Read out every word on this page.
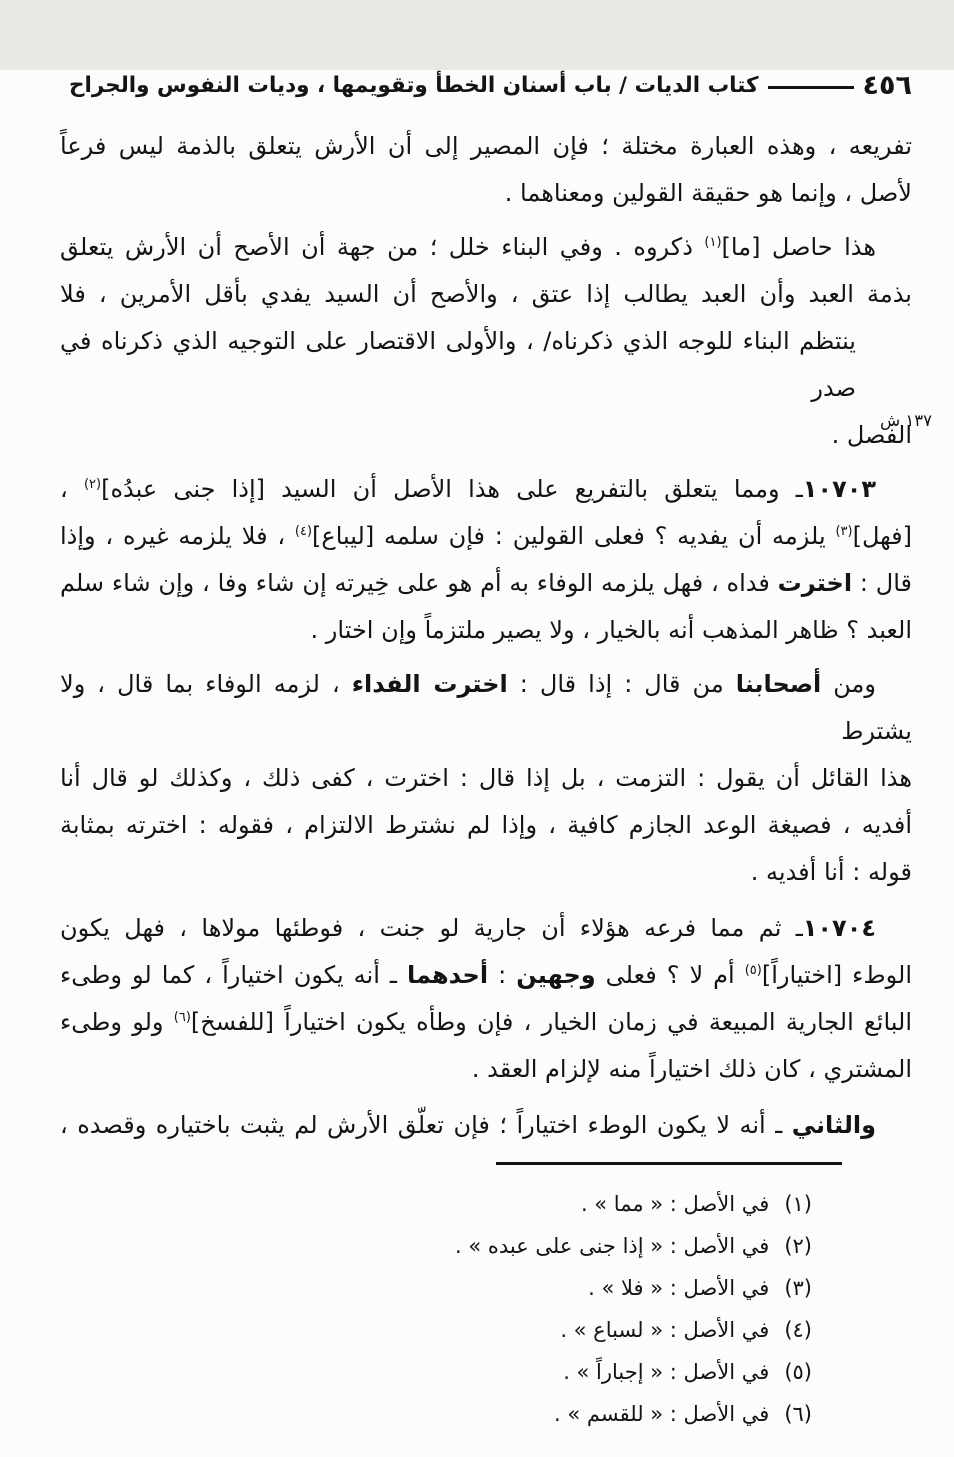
٤٥٦
كتاب الديات / باب أسنان الخطأ وتقويمها ، وديات النفوس والجراح
ش ١٣٧
تفريعه ، وهذه العبارة مختلة ؛ فإن المصير إلى أن الأرش يتعلق بالذمة ليس فرعاً
لأصل ، وإنما هو حقيقة القولين ومعناهما .
هذا حاصل [ما]$^{(١)}$ ذكروه . وفي البناء خلل ؛ من جهة أن الأصح أن الأرش يتعلق
بذمة العبد وأن العبد يطالب إذا عتق ، والأصح أن السيد يفدي بأقل الأمرين ، فلا
ينتظم البناء للوجه الذي ذكرناه/ ، والأولى الاقتصار على التوجيه الذي ذكرناه في صدر
الفصل .
١٠٧٠٣ـ ومما يتعلق بالتفريع على هذا الأصل أن السيد [إذا جنى عبدُه]$^{(٢)}$ ،
[فهل]$^{(٣)}$ يلزمه أن يفديه ؟ فعلى القولين : فإن سلمه [ليباع]$^{(٤)}$ ، فلا يلزمه غيره ، وإذا
قال : اخترت فداه ، فهل يلزمه الوفاء به أم هو على خِيرته إن شاء وفا ، وإن شاء سلم
العبد ؟ ظاهر المذهب أنه بالخيار ، ولا يصير ملتزماً وإن اختار .
ومن أصحابنا من قال : إذا قال : اخترت الفداء ، لزمه الوفاء بما قال ، ولا يشترط
هذا القائل أن يقول : التزمت ، بل إذا قال : اخترت ، كفى ذلك ، وكذلك لو قال أنا
أفديه ، فصيغة الوعد الجازم كافية ، وإذا لم نشترط الالتزام ، فقوله : اخترته بمثابة
قوله : أنا أفديه .
١٠٧٠٤ـ ثم مما فرعه هؤلاء أن جارية لو جنت ، فوطئها مولاها ، فهل يكون
الوطء [اختياراً]$^{(٥)}$ أم لا ؟ فعلى وجهين : أحدهما ـ أنه يكون اختياراً ، كما لو وطىء
البائع الجارية المبيعة في زمان الخيار ، فإن وطأه يكون اختياراً [للفسخ]$^{(٦)}$ ولو وطىء
المشتري ، كان ذلك اختياراً منه لإلزام العقد .
والثاني ـ أنه لا يكون الوطء اختياراً ؛ فإن تعلّق الأرش لم يثبت باختياره وقصده ،
(١)
في الأصل : « مما » .
(٢)
في الأصل : « إذا جنى على عبده » .
(٣)
في الأصل : « فلا » .
(٤)
في الأصل : « لسباع » .
(٥)
في الأصل : « إجباراً » .
(٦)
في الأصل : « للقسم » .
